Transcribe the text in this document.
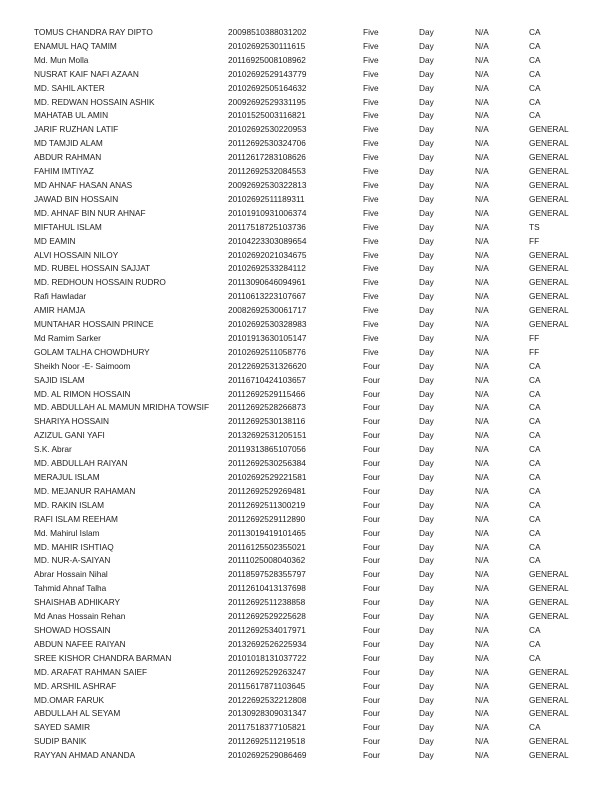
TOMUS CHANDRA RAY DIPTO	20098510388031202	Five	Day	N/A	CA
ENAMUL HAQ TAMIM	20102692530111615	Five	Day	N/A	CA
Md. Mun Molla	20116925008108962	Five	Day	N/A	CA
NUSRAT KAIF NAFI AZAAN	20102692529143779	Five	Day	N/A	CA
MD. SAHIL AKTER	20102692505164632	Five	Day	N/A	CA
MD. REDWAN HOSSAIN ASHIK	20092692529331195	Five	Day	N/A	CA
MAHATAB UL AMIN	20101525003116821	Five	Day	N/A	CA
JARIF RUZHAN LATIF	20102692530220953	Five	Day	N/A	GENERAL
MD TAMJID ALAM	20112692530324706	Five	Day	N/A	GENERAL
ABDUR RAHMAN	20112617283108626	Five	Day	N/A	GENERAL
FAHIM IMTIYAZ	20112692532084553	Five	Day	N/A	GENERAL
MD AHNAF HASAN ANAS	20092692530322813	Five	Day	N/A	GENERAL
JAWAD BIN HOSSAIN	20102692511189311	Five	Day	N/A	GENERAL
MD. AHNAF BIN NUR AHNAF	20101910931006374	Five	Day	N/A	GENERAL
MIFTAHUL ISLAM	20117518725103736	Five	Day	N/A	TS
MD EAMIN	20104223303089654	Five	Day	N/A	FF
ALVI HOSSAIN NILOY	20102692021034675	Five	Day	N/A	GENERAL
MD. RUBEL HOSSAIN SAJJAT	20102692533284112	Five	Day	N/A	GENERAL
MD. REDHOUN HOSSAIN RUDRO	20113090646094961	Five	Day	N/A	GENERAL
Rafi Hawladar	20110613223107667	Five	Day	N/A	GENERAL
AMIR HAMJA	20082692530061717	Five	Day	N/A	GENERAL
MUNTAHAR HOSSAIN PRINCE	20102692530328983	Five	Day	N/A	GENERAL
Md Ramim Sarker	20101913630105147	Five	Day	N/A	FF
GOLAM TALHA CHOWDHURY	20102692511058776	Five	Day	N/A	FF
Sheikh Noor -E- Saimoom	20122692531326620	Four	Day	N/A	CA
SAJID ISLAM	20116710424103657	Four	Day	N/A	CA
MD. AL RIMON HOSSAIN	20112692529115466	Four	Day	N/A	CA
MD. ABDULLAH AL MAMUN MRIDHA TOWSIF	20112692528266873	Four	Day	N/A	CA
SHARIYA HOSSAIN	20112692530138116	Four	Day	N/A	CA
AZIZUL GANI YAFI	20132692531205151	Four	Day	N/A	CA
S.K. Abrar	20119313865107056	Four	Day	N/A	CA
MD. ABDULLAH RAIYAN	20112692530256384	Four	Day	N/A	CA
MERAJUL ISLAM	20102692529221581	Four	Day	N/A	CA
MD. MEJANUR RAHAMAN	20112692529269481	Four	Day	N/A	CA
MD. RAKIN ISLAM	20112692511300219	Four	Day	N/A	CA
RAFI ISLAM REEHAM	20112692529112890	Four	Day	N/A	CA
Md. Mahirul Islam	20113019419101465	Four	Day	N/A	CA
MD. MAHIR ISHTIAQ	20116125502355021	Four	Day	N/A	CA
MD. NUR-A-SAIYAN	20111025008040362	Four	Day	N/A	CA
Abrar Hossain Nihal	20118597528355797	Four	Day	N/A	GENERAL
Tahmid Ahnaf Talha	20112610413137698	Four	Day	N/A	GENERAL
SHAISHAB ADHIKARY	20112692511238858	Four	Day	N/A	GENERAL
Md Anas Hossain Rehan	20112692529225628	Four	Day	N/A	GENERAL
SHOWAD HOSSAIN	20112692534017971	Four	Day	N/A	CA
ABDUN NAFEE RAIYAN	20132692526225934	Four	Day	N/A	CA
SREE KISHOR CHANDRA BARMAN	20101018131037722	Four	Day	N/A	CA
MD. ARAFAT RAHMAN SAIEF	20112692529263247	Four	Day	N/A	GENERAL
MD. ARSHIL ASHRAF	20115617871103645	Four	Day	N/A	GENERAL
MD.OMAR FARUK	20122692532212808	Four	Day	N/A	GENERAL
ABDULLAH AL SEYAM	20130928309031347	Four	Day	N/A	GENERAL
SAYED SAMIR	20117518377105821	Four	Day	N/A	CA
SUDIP BANIK	20112692511219518	Four	Day	N/A	GENERAL
RAYYAN AHMAD ANANDA	20102692529086469	Four	Day	N/A	GENERAL
